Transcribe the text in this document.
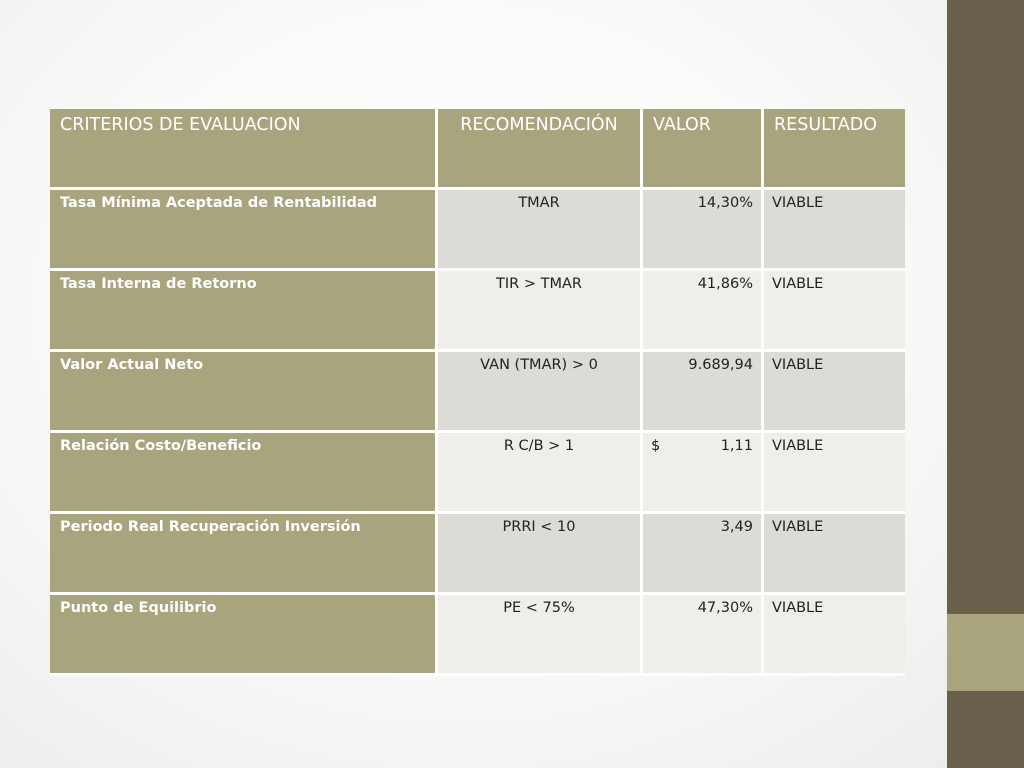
CRITERIOS DE EVALUACION	RECOMENDACIÓN	VALOR	RESULTADO
Tasa Mínima Aceptada de Rentabilidad	TMAR	14,30%	VIABLE
Tasa Interna de Retorno	TIR > TMAR	41,86%	VIABLE
Valor Actual Neto	VAN (TMAR) > 0	9.689,94	VIABLE
Relación Costo/Beneficio	R C/B > 1	$ 1,11	VIABLE
Periodo Real Recuperación Inversión	PRRI < 10	3,49	VIABLE
Punto de Equilibrio	PE < 75%	47,30%	VIABLE
